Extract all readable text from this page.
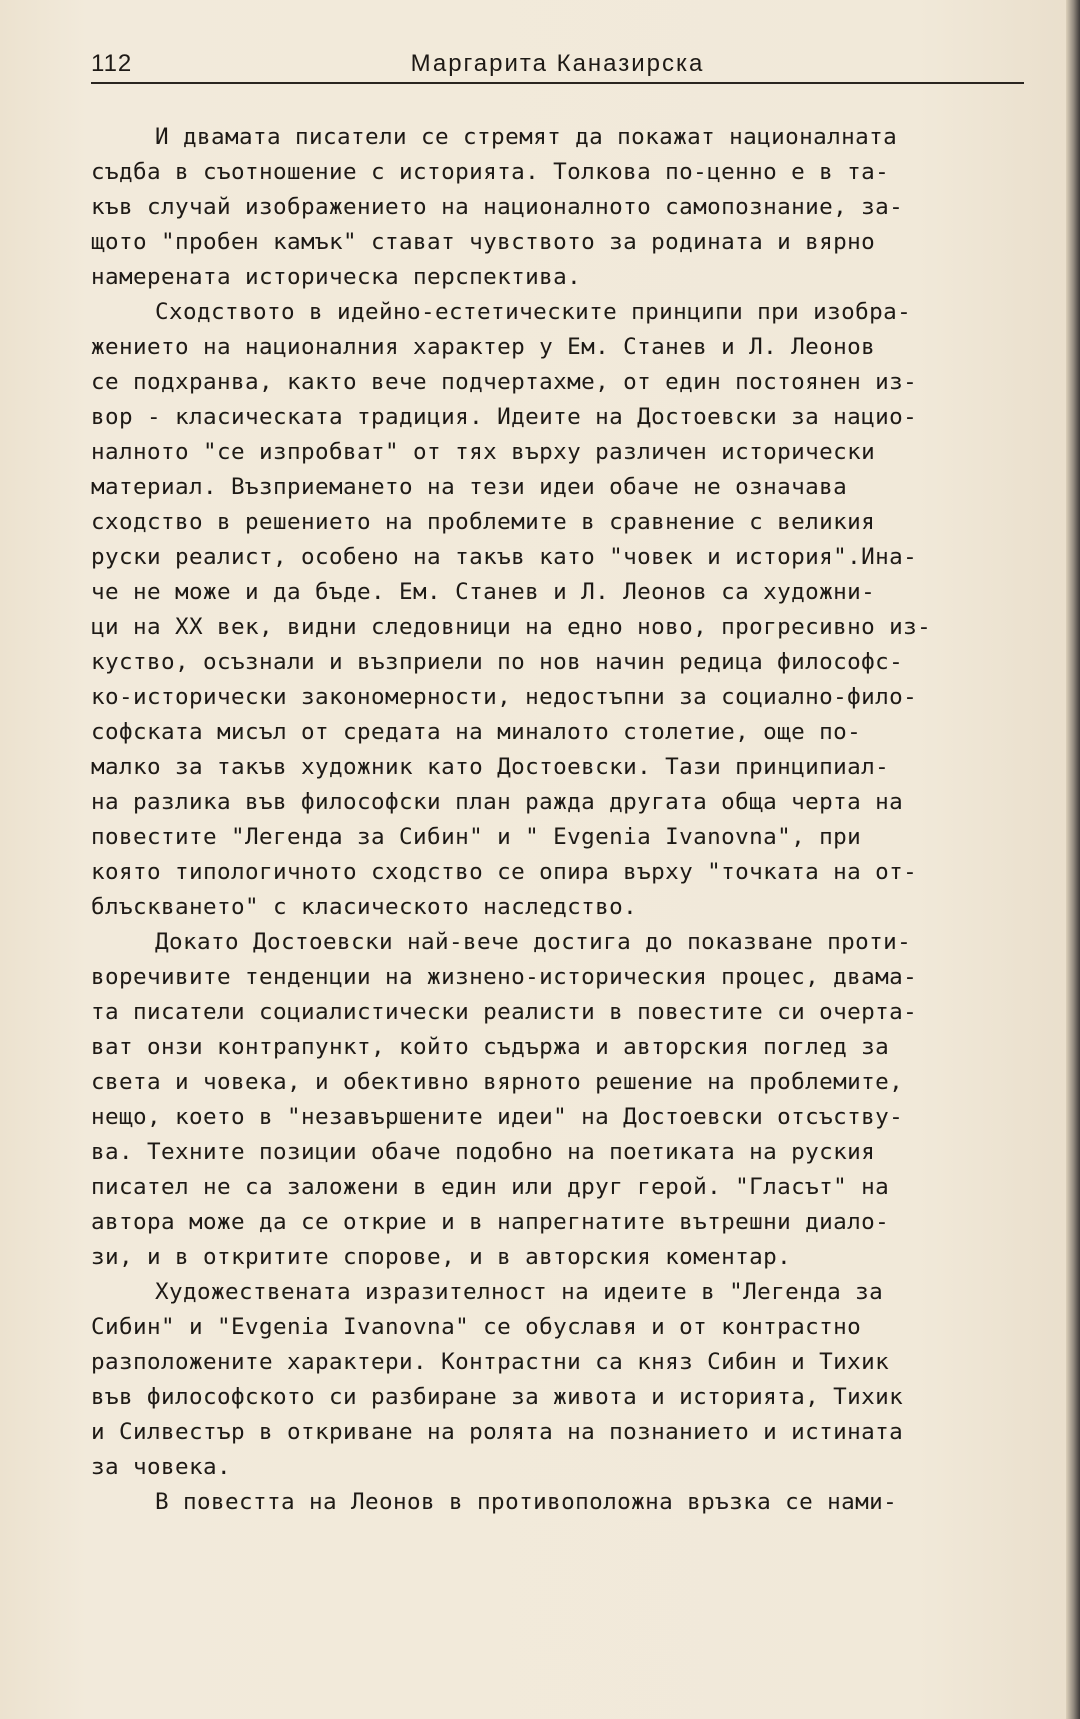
112	Маргарита Каназирска
И двамата писатели се стремят да покажат националната
съдба в съотношение с историята. Толкова по-ценно е в та-
къв случай изображението на националното самопознание, за-
щото "пробен камък" стават чувството за родината и вярно
намерената историческа перспектива.
Сходството в идейно-естетическите принципи при изобра-
жението на националния характер у Ем. Станев и Л. Леонов
се подхранва, както вече подчертахме, от един постоянен из-
вор - класическата традиция. Идеите на Достоевски за нацио-
налното "се изпробват" от тях върху различен исторически
материал. Възприемането на тези идеи обаче не означава
сходство в решението на проблемите в сравнение с великия
руски реалист, особено на такъв като "човек и история".Ина-
че не може и да бъде. Ем. Станев и Л. Леонов са художни-
ци на XX век, видни следовници на едно ново, прогресивно из-
куство, осъзнали и възприели по нов начин редица философс-
ко-исторически закономерности, недостъпни за социално-фило-
софската мисъл от средата на миналото столетие, още по-
малко за такъв художник като Достоевски. Тази принципиал-
на разлика във философски план ражда другата обща черта на
повестите "Легенда за Сибин" и " Evgenia Ivanovna", при
която типологичното сходство се опира върху "точката на от-
блъскването" с класическото наследство.
Докато Достоевски най-вече достига до показване проти-
воречивите тенденции на жизнено-историческия процес, двама-
та писатели социалистически реалисти в повестите си очерта-
ват онзи контрапункт, който съдържа и авторския поглед за
света и човека, и обективно вярното решение на проблемите,
нещо, което в "незавършените идеи" на Достоевски отсъству-
ва. Техните позиции обаче подобно на поетиката на руския
писател не са заложени в един или друг герой. "Гласът" на
автора може да се открие и в напрегнатите вътрешни диало-
зи, и в откритите спорове, и в авторския коментар.
Художествената изразителност на идеите в "Легенда за
Сибин" и "Evgenia Ivanovna" се обуславя и от контрастно
разположените характери. Контрастни са княз Сибин и Тихик
във философското си разбиране за живота и историята, Тихик
и Силвестър в откриване на ролята на познанието и истината
за човека.
В повестта на Леонов в противоположна връзка се нами-
